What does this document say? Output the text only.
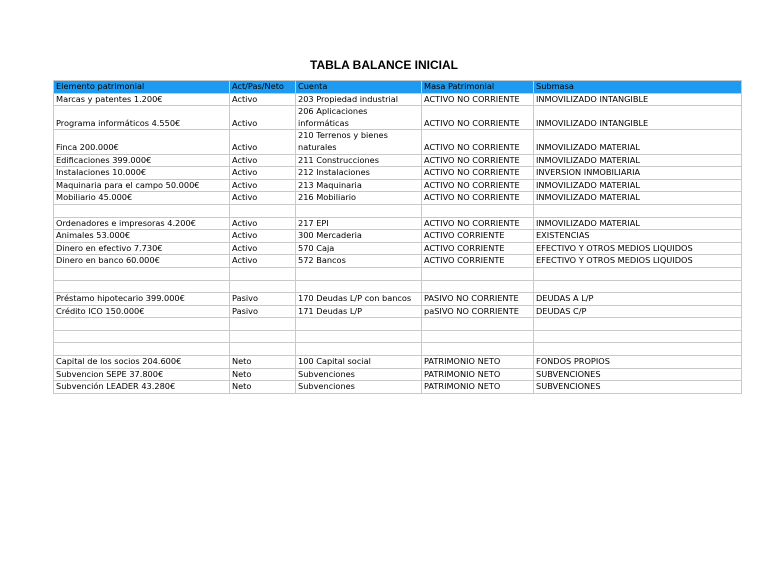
TABLA BALANCE INICIAL
Elemento patrimonial	Act/Pas/Neto	Cuenta	Masa Patrimonial	Submasa
Marcas y patentes 1.200€	Activo	203 Propiedad industrial	ACTIVO NO CORRIENTE	INMOVILIZADO INTANGIBLE
Programa informáticos 4.550€	Activo	206 Aplicaciones informáticas	ACTIVO NO CORRIENTE	INMOVILIZADO INTANGIBLE
Finca 200.000€	Activo	210 Terrenos y bienes naturales	ACTIVO NO CORRIENTE	INMOVILIZADO MATERIAL
Edificaciones 399.000€	Activo	211 Construcciones	ACTIVO NO CORRIENTE	INMOVILIZADO MATERIAL
Instalaciones 10.000€	Activo	212 Instalaciones	ACTIVO NO CORRIENTE	INVERSION INMOBILIARIA
Maquinaria para el campo 50.000€	Activo	213 Maquinaria	ACTIVO NO CORRIENTE	INMOVILIZADO MATERIAL
Mobiliario 45.000€	Activo	216 Mobiliario	ACTIVO NO CORRIENTE	INMOVILIZADO MATERIAL

Ordenadores e impresoras 4.200€	Activo	217 EPI	ACTIVO NO CORRIENTE	INMOVILIZADO MATERIAL
Animales 53.000€	Activo	300 Mercaderia	ACTIVO CORRIENTE	EXISTENCIAS
Dinero en efectivo 7.730€	Activo	570 Caja	ACTIVO CORRIENTE	EFECTIVO Y OTROS MEDIOS LIQUIDOS
Dinero en banco 60.000€	Activo	572 Bancos	ACTIVO CORRIENTE	EFECTIVO Y OTROS MEDIOS LIQUIDOS

Préstamo hipotecario 399.000€	Pasivo	170 Deudas L/P con bancos	PASIVO NO CORRIENTE	DEUDAS A L/P
Crédito ICO 150.000€	Pasivo	171 Deudas L/P	paSIVO NO CORRIENTE	DEUDAS C/P

Capital de los socios 204.600€	Neto	100 Capital social	PATRIMONIO NETO	FONDOS PROPIOS
Subvencion SEPE 37.800€	Neto	Subvenciones	PATRIMONIO NETO	SUBVENCIONES
Subvención LEADER 43.280€	Neto	Subvenciones	PATRIMONIO NETO	SUBVENCIONES
